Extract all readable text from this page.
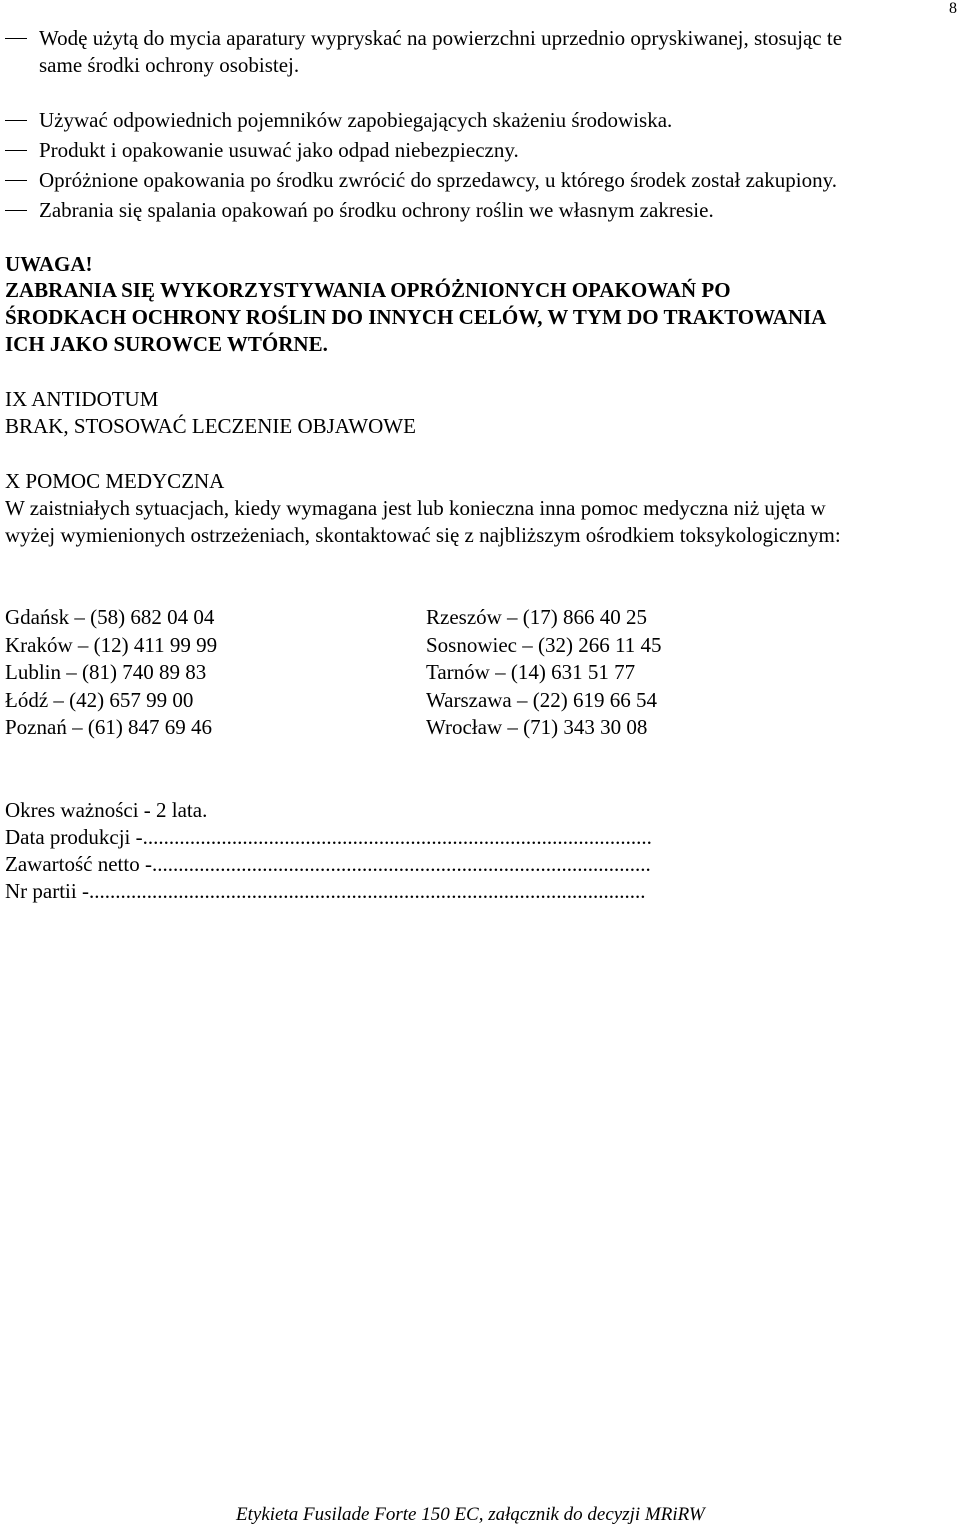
8
Wodę użytą do mycia aparatury wypryskać na powierzchni uprzednio opryskiwanej, stosując te
same środki ochrony osobistej.
Używać odpowiednich pojemników zapobiegających skażeniu środowiska.
Produkt i opakowanie usuwać jako odpad niebezpieczny.
Opróżnione opakowania po środku zwrócić do sprzedawcy, u którego środek został zakupiony.
Zabrania się spalania opakowań po środku ochrony roślin we własnym zakresie.
UWAGA!
ZABRANIA SIĘ WYKORZYSTYWANIA OPRÓŻNIONYCH OPAKOWAŃ PO
ŚRODKACH OCHRONY ROŚLIN DO INNYCH CELÓW, W TYM DO TRAKTOWANIA
ICH JAKO SUROWCE WTÓRNE.
IX ANTIDOTUM
BRAK, STOSOWAĆ LECZENIE OBJAWOWE
X POMOC MEDYCZNA
W zaistniałych sytuacjach, kiedy wymagana jest lub konieczna inna pomoc medyczna niż ujęta w
wyżej wymienionych ostrzeżeniach, skontaktować się z najbliższym ośrodkiem toksykologicznym:
Gdańsk – (58) 682 04 04	Rzeszów – (17) 866 40 25
Kraków – (12) 411 99 99	Sosnowiec – (32) 266 11 45
Lublin – (81) 740 89 83	Tarnów – (14) 631 51 77
Łódź – (42) 657 99 00	Warszawa – (22) 619 66 54
Poznań – (61) 847 69 46	Wrocław – (71) 343 30 08
Okres ważności - 2 lata.
Data produkcji -.................................................................................................
Zawartość netto -...............................................................................................
Nr partii -..........................................................................................................
Etykieta Fusilade Forte 150 EC, załącznik do decyzji MRiRW
